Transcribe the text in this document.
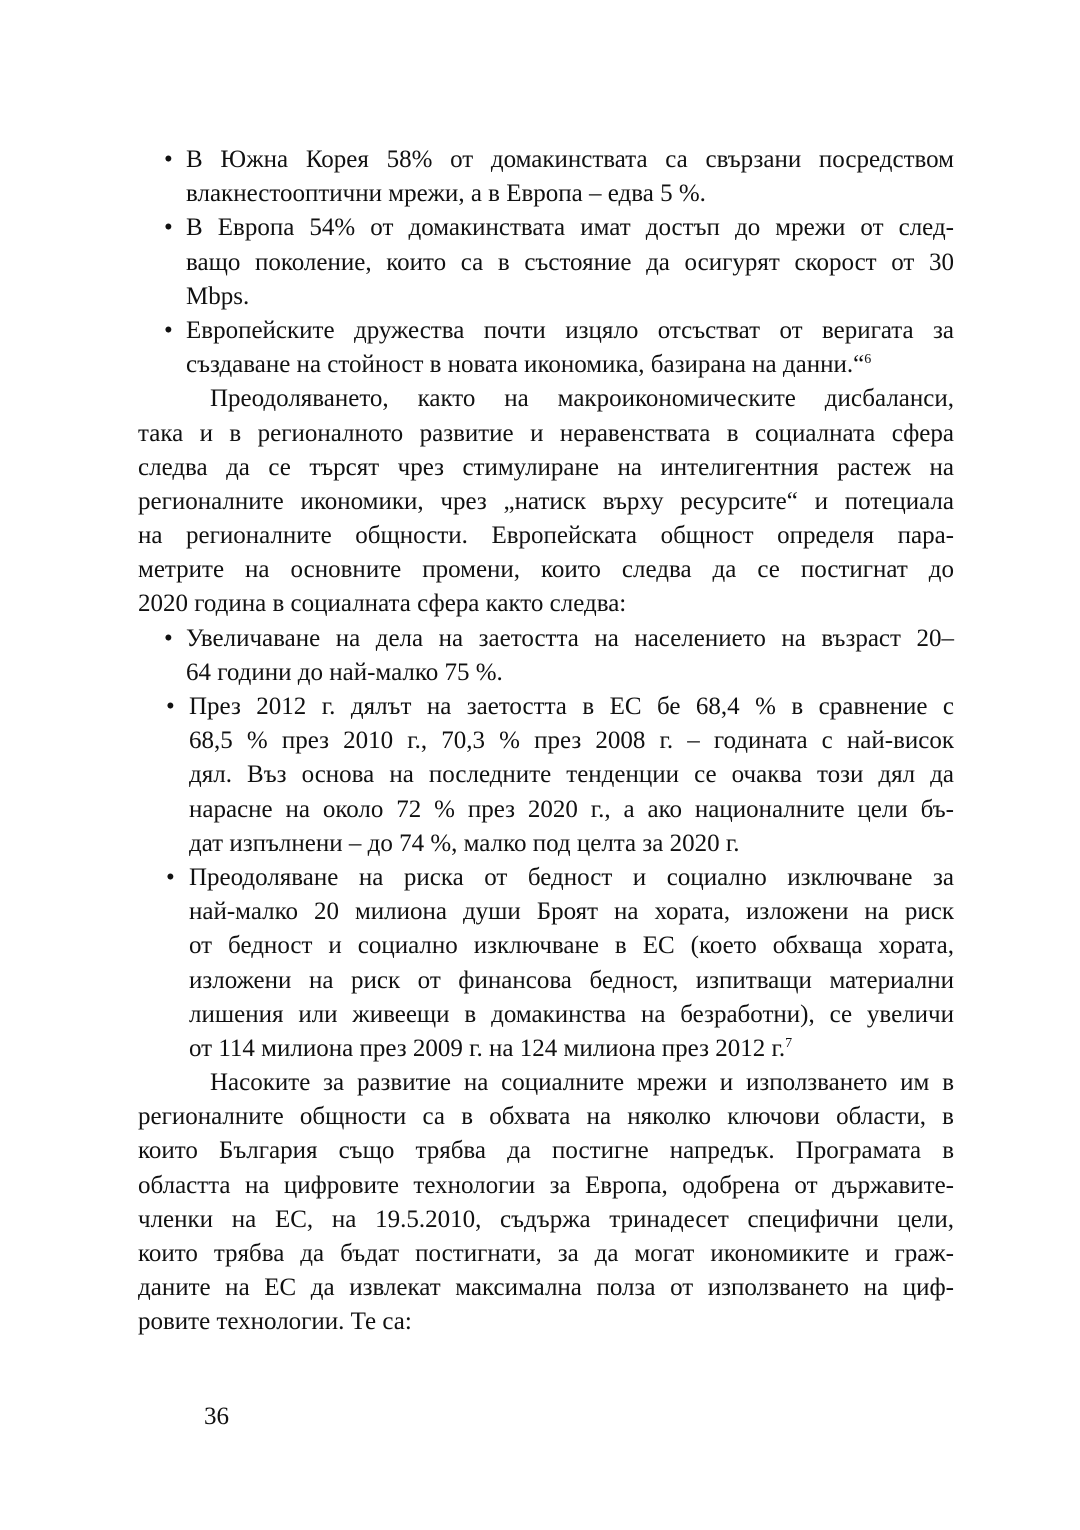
• В Южна Корея 58% от домакинствата са свързани посредством
влакнестооптични мрежи, а в Европа – едва 5 %.
• В Европа 54% от домакинствата имат достъп до мрежи от след-
ващо поколение, които са в състояние да осигурят скорост от 30
Mbps.
• Европейските дружества почти изцяло отсъстват от веригата за
създаване на стойност в новата икономика, базирана на данни.“$^6$
Преодоляването, както на макроикономическите дисбаланси,
така и в регионалното развитие и неравенствата в социалната сфера
следва да се търсят чрез стимулиране на интелигентния растеж на
регионалните икономики, чрез „натиск върху ресурсите“ и потециала
на регионалните общности. Европейската общност определя пара-
метрите на основните промени, които следва да се постигнат до
2020 година в социалната сфера както следва:
• Увеличаване на дела на заетостта на населението на възраст 20–
64 години до най-малко 75 %.
• През 2012 г. дялът на заетостта в ЕС бе 68,4 % в сравнение с
68,5 % през 2010 г., 70,3 % през 2008 г. – годината с най-висок
дял. Въз основа на последните тенденции се очаква този дял да
нарасне на около 72 % през 2020 г., а ако националните цели бъ-
дат изпълнени – до 74 %, малко под целта за 2020 г.
• Преодоляване на риска от бедност и социално изключване за
най-малко 20 милиона души Броят на хората, изложени на риск
от бедност и социално изключване в ЕС (което обхваща хората,
изложени на риск от финансова бедност, изпитващи материални
лишения или живеещи в домакинства на безработни), се увеличи
от 114 милиона през 2009 г. на 124 милиона през 2012 г.$^7$
Насоките за развитие на социалните мрежи и използването им в
регионалните общности са в обхвата на няколко ключови области, в
които България също трябва да постигне напредък. Програмата в
областта на цифровите технологии за Европа, одобрена от държавите-
членки на ЕС, на 19.5.2010, съдържа тринадесет специфични цели,
които трябва да бъдат постигнати, за да могат икономиките и граж-
даните на ЕС да извлекат максимална полза от използването на циф-
ровите технологии. Те са:
36
